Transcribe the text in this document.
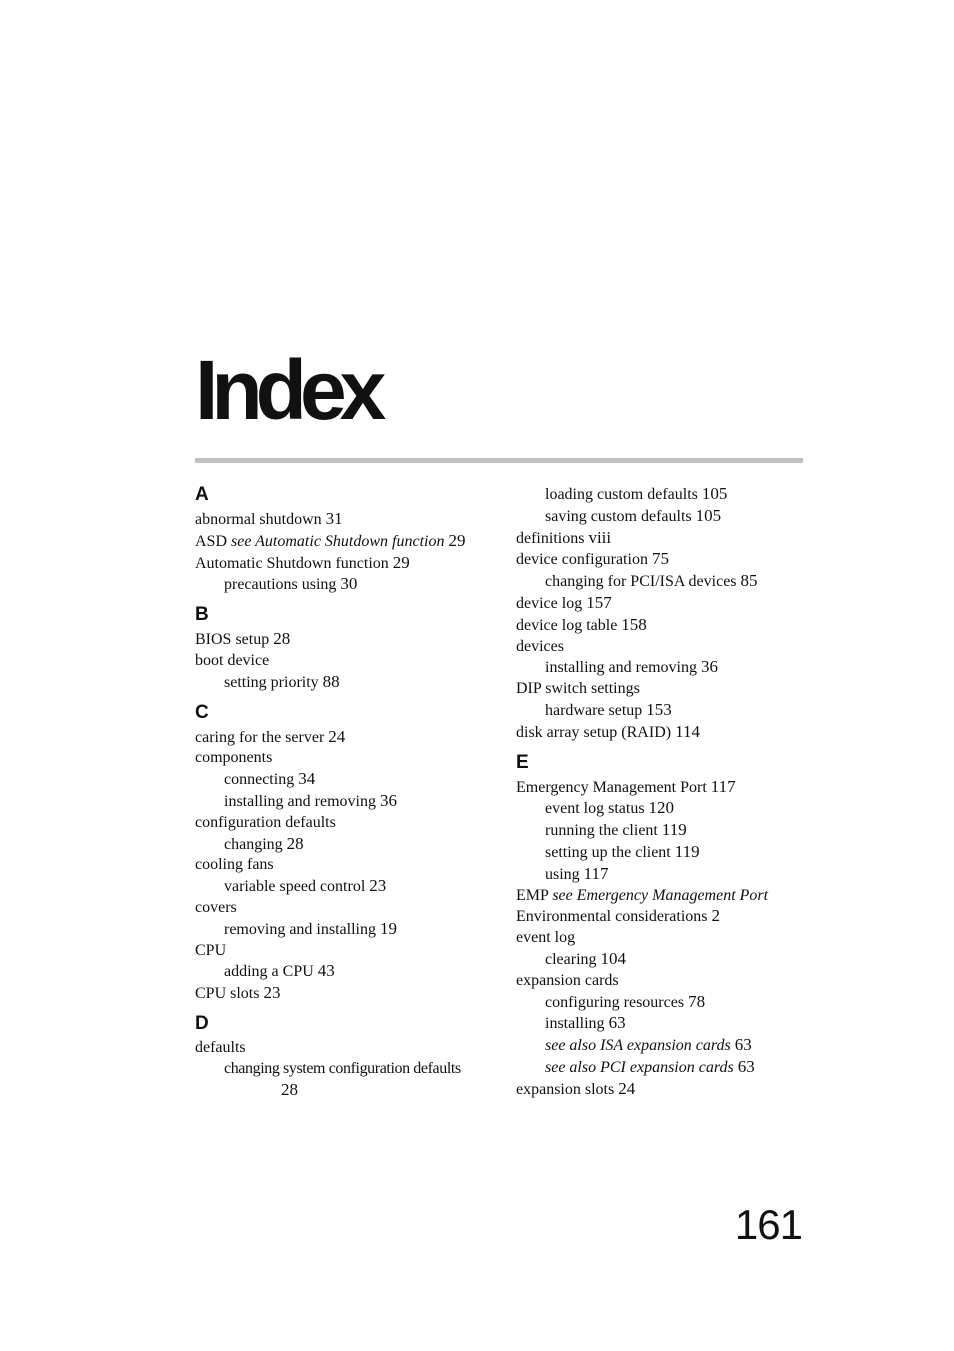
Index
A
abnormal shutdown 31
ASD see Automatic Shutdown function 29
Automatic Shutdown function 29
precautions using 30
B
BIOS setup 28
boot device
setting priority 88
C
caring for the server 24
components
connecting 34
installing and removing 36
configuration defaults
changing 28
cooling fans
variable speed control 23
covers
removing and installing 19
CPU
adding a CPU 43
CPU slots 23
D
defaults
changing system configuration defaults
28
loading custom defaults 105
saving custom defaults 105
definitions viii
device configuration 75
changing for PCI/ISA devices 85
device log 157
device log table 158
devices
installing and removing 36
DIP switch settings
hardware setup 153
disk array setup (RAID) 114
E
Emergency Management Port 117
event log status 120
running the client 119
setting up the client 119
using 117
EMP see Emergency Management Port
Environmental considerations 2
event log
clearing 104
expansion cards
configuring resources 78
installing 63
see also ISA expansion cards 63
see also PCI expansion cards 63
expansion slots 24
161
